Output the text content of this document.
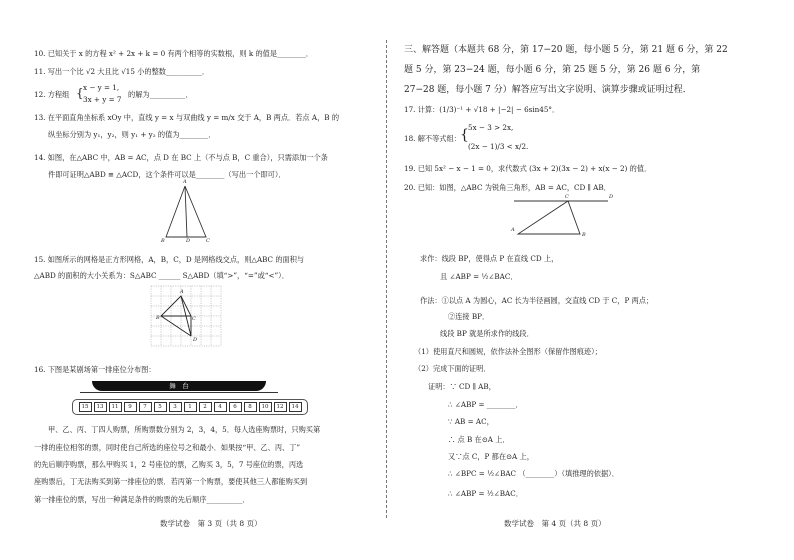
10. 已知关于 x 的方程 x² + 2x + k = 0 有两个相等的实数根，则 k 的值是________．
11. 写出一个比 √2 大且比 √15 小的整数__________．
12. 方程组 { x − y = 1,
3x + y = 7
的解为__________．
13. 在平面直角坐标系 xOy 中，直线 y = x 与双曲线 y = m/x 交于 A，B 两点．若点 A，B 的
纵坐标分别为 y₁，y₂，则 y₁ + y₂ 的值为________．
14. 如图，在△ABC 中，AB = AC，点 D 在 BC 上（不与点 B，C 重合），只需添加一个条
件即可证明△ABD ≌ △ACD，这个条件可以是________（写出一个即可）．
A
B	D	C
15. 如图所示的网格是正方形网格，A，B，C，D 是网格线交点，则△ABC 的面积与
△ABD 的面积的大小关系为：S△ABC ______ S△ABD（填“>”，“=”或“<”）．
A
B	C
D
16. 下图是某剧场第一排座位分布图：
舞　台
15	13	11	9	7	5	3	1	2	4	6	8	10	12	14
甲、乙、丙、丁四人购票，所购票数分别为 2，3，4，5．每人选座购票时，只购买第
一排的座位相邻的票，同时使自己所选的座位号之和最小．如果按“甲、乙、丙、丁”
的先后顺序购票，那么甲购买 1，2 号座位的票，乙购买 3，5，7 号座位的票，丙选
座购票后，丁无法购买到第一排座位的票．若丙第一个购票，要使其他三人都能购买到
第一排座位的票，写出一种满足条件的购票的先后顺序__________．
数学试卷　第 3 页（共 8 页）
三、解答题（本题共 68 分，第 17−20 题，每小题 5 分，第 21 题 6 分，第 22
题 5 分，第 23−24 题，每小题 6 分，第 25 题 5 分，第 26 题 6 分，第
27−28 题，每小题 7 分）解答应写出文字说明、演算步骤或证明过程．
17. 计算：(1/3)⁻¹ + √18 + |−2| − 6sin45°．
18. 解不等式组： { 5x − 3 > 2x,
(2x − 1)/3 < x/2.
19. 已知 5x² − x − 1 = 0，求代数式 (3x + 2)(3x − 2) + x(x − 2) 的值．
20. 已知：如图，△ABC 为锐角三角形，AB = AC，CD ∥ AB．
A
B
C	D
求作：线段 BP，使得点 P 在直线 CD 上，
且 ∠ABP = ½∠BAC．
作法：①以点 A 为圆心，AC 长为半径画圆，交直线 CD 于 C，P 两点；
②连接 BP．
线段 BP 就是所求作的线段．
（1）使用直尺和圆规，依作法补全图形（保留作图痕迹）；
（2）完成下面的证明．
证明：∵ CD ∥ AB，
∴ ∠ABP = ________．
∵ AB = AC，
∴ 点 B 在⊙A 上．
又∵点 C，P 都在⊙A 上，
∴ ∠BPC = ½∠BAC （________）（填推理的依据）．
∴ ∠ABP = ½∠BAC．
数学试卷　第 4 页（共 8 页）
